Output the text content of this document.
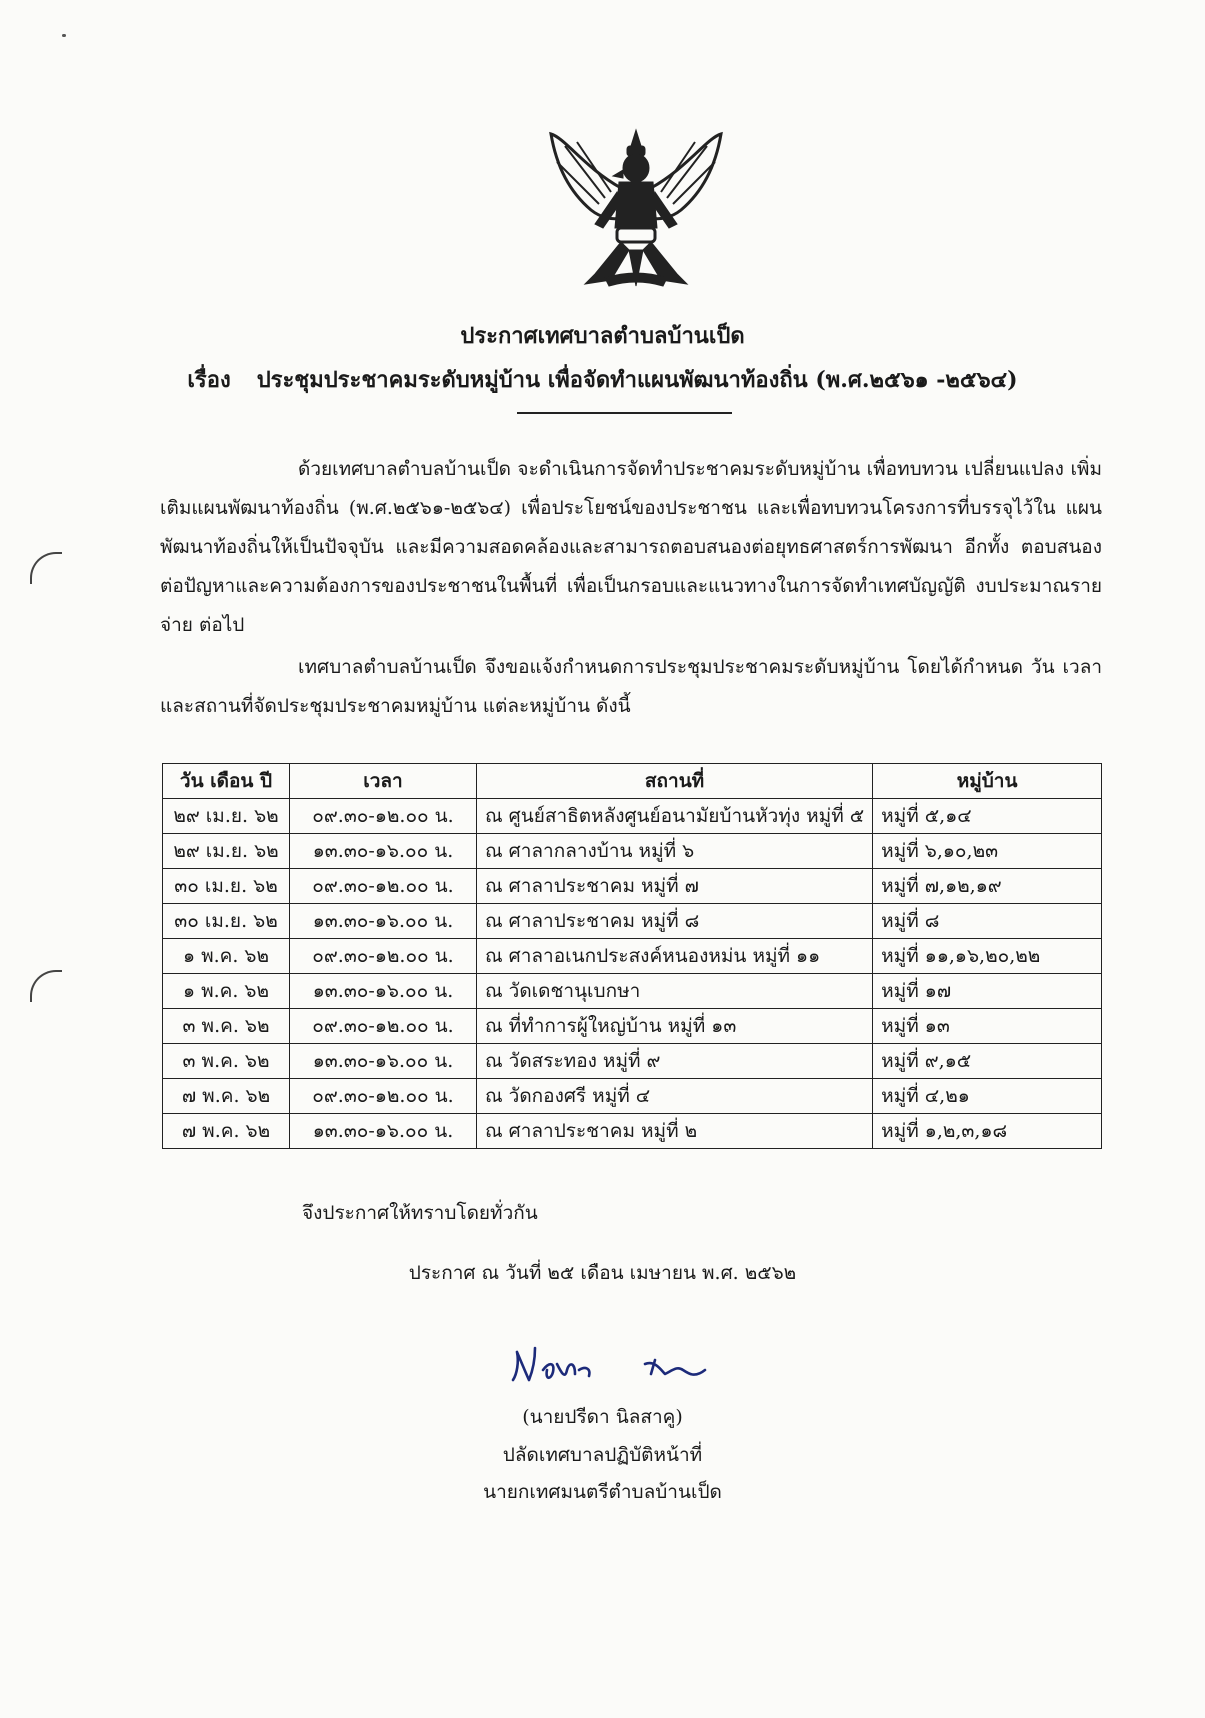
ประกาศเทศบาลตำบลบ้านเป็ด
เรื่อง ประชุมประชาคมระดับหมู่บ้าน เพื่อจัดทำแผนพัฒนาท้องถิ่น (พ.ศ.๒๕๖๑ -๒๕๖๔)
ด้วยเทศบาลตำบลบ้านเป็ด จะดำเนินการจัดทำประชาคมระดับหมู่บ้าน เพื่อทบทวน เปลี่ยนแปลง เพิ่มเติมแผนพัฒนาท้องถิ่น (พ.ศ.๒๕๖๑-๒๕๖๔) เพื่อประโยชน์ของประชาชน และเพื่อทบทวนโครงการที่บรรจุไว้ใน แผนพัฒนาท้องถิ่นให้เป็นปัจจุบัน และมีความสอดคล้องและสามารถตอบสนองต่อยุทธศาสตร์การพัฒนา อีกทั้ง ตอบสนองต่อปัญหาและความต้องการของประชาชนในพื้นที่ เพื่อเป็นกรอบและแนวทางในการจัดทำเทศบัญญัติ งบประมาณรายจ่าย ต่อไป
เทศบาลตำบลบ้านเป็ด จึงขอแจ้งกำหนดการประชุมประชาคมระดับหมู่บ้าน โดยได้กำหนด วัน เวลา และสถานที่จัดประชุมประชาคมหมู่บ้าน แต่ละหมู่บ้าน ดังนี้
วัน เดือน ปี	เวลา	สถานที่	หมู่บ้าน
๒๙ เม.ย. ๖๒	๐๙.๓๐-๑๒.๐๐ น.	ณ ศูนย์สาธิตหลังศูนย์อนามัยบ้านหัวทุ่ง หมู่ที่ ๕	หมู่ที่ ๕,๑๔
๒๙ เม.ย. ๖๒	๑๓.๓๐-๑๖.๐๐ น.	ณ ศาลากลางบ้าน หมู่ที่ ๖	หมู่ที่ ๖,๑๐,๒๓
๓๐ เม.ย. ๖๒	๐๙.๓๐-๑๒.๐๐ น.	ณ ศาลาประชาคม หมู่ที่ ๗	หมู่ที่ ๗,๑๒,๑๙
๓๐ เม.ย. ๖๒	๑๓.๓๐-๑๖.๐๐ น.	ณ ศาลาประชาคม หมู่ที่ ๘	หมู่ที่ ๘
๑ พ.ค. ๖๒	๐๙.๓๐-๑๒.๐๐ น.	ณ ศาลาอเนกประสงค์หนองหม่น หมู่ที่ ๑๑	หมู่ที่ ๑๑,๑๖,๒๐,๒๒
๑ พ.ค. ๖๒	๑๓.๓๐-๑๖.๐๐ น.	ณ วัดเดชานุเบกษา	หมู่ที่ ๑๗
๓ พ.ค. ๖๒	๐๙.๓๐-๑๒.๐๐ น.	ณ ที่ทำการผู้ใหญ่บ้าน หมู่ที่ ๑๓	หมู่ที่ ๑๓
๓ พ.ค. ๖๒	๑๓.๓๐-๑๖.๐๐ น.	ณ วัดสระทอง หมู่ที่ ๙	หมู่ที่ ๙,๑๕
๗ พ.ค. ๖๒	๐๙.๓๐-๑๒.๐๐ น.	ณ วัดกองศรี หมู่ที่ ๔	หมู่ที่ ๔,๒๑
๗ พ.ค. ๖๒	๑๓.๓๐-๑๖.๐๐ น.	ณ ศาลาประชาคม หมู่ที่ ๒	หมู่ที่ ๑,๒,๓,๑๘
จึงประกาศให้ทราบโดยทั่วกัน
ประกาศ ณ วันที่ ๒๕ เดือน เมษายน พ.ศ. ๒๕๖๒
(นายปรีดา นิลสาคู)
ปลัดเทศบาลปฏิบัติหน้าที่
นายกเทศมนตรีตำบลบ้านเป็ด
